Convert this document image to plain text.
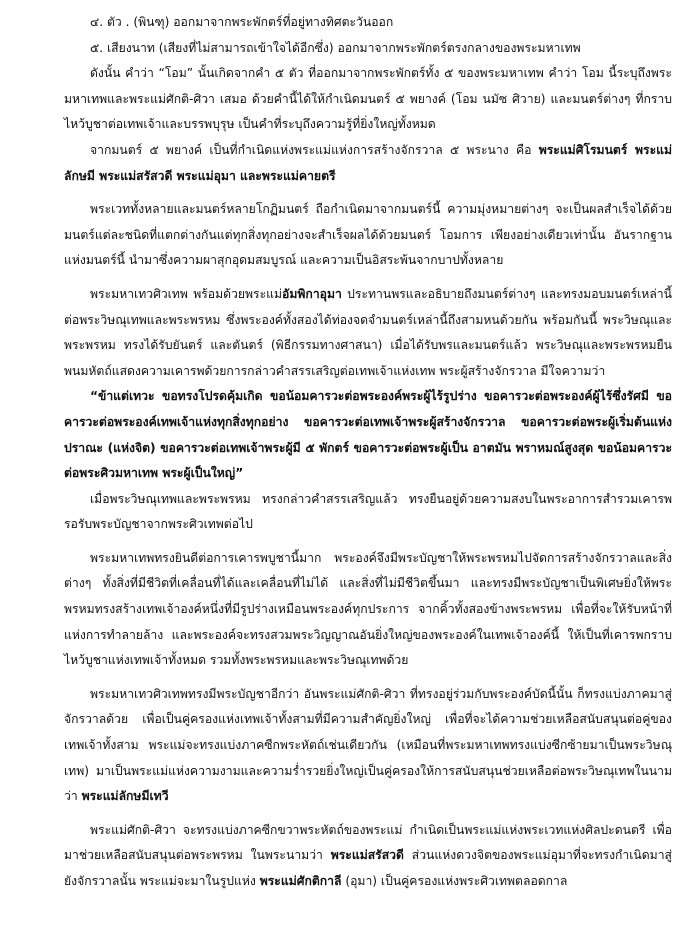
๔. ตัว . (พินฑุ) ออกมาจากพระพักตร์ที่อยู่ทางทิศตะวันออก

๕. เสียงนาท (เสียงที่ไม่สามารถเข้าใจได้อีกซึ่ง) ออกมาจากพระพักตร์ตรงกลางของพระมหาเทพ

ดังนั้น คำว่า “โอม” นั้นเกิดจากคำ ๕ ตัว ที่ออกมาจากพระพักตร์ทั้ง ๕ ของพระมหาเทพ คำว่า โอม นี้ระบุถึงพระมหาเทพและพระแม่ศักติ-ศิวา เสมอ ด้วยคำนี้ได้ให้กำเนิดมนตร์ ๕ พยางค์ (โอม นมัซ ศิวาย) และมนตร์ต่างๆ ที่กราบไหว้บูชาต่อเทพเจ้าและบรรพบุรุษ เป็นคำที่ระบุถึงความรู้ที่ยิ่งใหญ่ทั้งหมด

จากมนตร์ ๕ พยางค์ เป็นที่กำเนิดแห่งพระแม่แห่งการสร้างจักรวาล ๕ พระนาง คือ พระแม่ศิโรมนตร์ พระแม่ลักษมี พระแม่สรัสวดี พระแม่อุมา และพระแม่คายตรี

พระเวททั้งหลายและมนตร์หลายโกฏิมนตร์ ถือกำเนิดมาจากมนตร์นี้ ความมุ่งหมายต่างๆ จะเป็นผลสำเร็จได้ด้วยมนตร์แต่ละชนิดที่แตกต่างกันแต่ทุกสิ่งทุกอย่างจะสำเร็จผลได้ด้วยมนตร์ โอมการ เพียงอย่างเดียวเท่านั้น อันรากฐานแห่งมนตร์นี้ นำมาซึ่งความผาสุกอุดมสมบูรณ์ และความเป็นอิสระพ้นจากบาปทั้งหลาย

พระมหาเทวศิวเทพ พร้อมด้วยพระแม่อัมพิกาอุมา ประทานพรและอธิบายถึงมนตร์ต่างๆ และทรงมอบมนตร์เหล่านี้ต่อพระวิษณุเทพและพระพรหม ซึ่งพระองค์ทั้งสองได้ท่องจดจำมนตร์เหล่านี้ถึงสามหนด้วยกัน พร้อมกันนี้ พระวิษณุและพระพรหม ทรงได้รับยันตร์ และตันตร์ (พิธีกรรมทางศาสนา) เมื่อได้รับพรและมนตร์แล้ว พระวิษณุและพระพรหมยืนพนมหัตถ์แสดงความเคารพด้วยการกล่าวคำสรรเสริญต่อเทพเจ้าแห่งเทพ พระผู้สร้างจักรวาล มีใจความว่า

“ข้าแต่เทวะ ขอทรงโปรดคุ้มเกิด ขอน้อมคารวะต่อพระองค์พระผู้ไร้รูปร่าง ขอคารวะต่อพระองค์ผู้ไร้ซึ่งรัศมี ขอคารวะต่อพระองค์เทพเจ้าแห่งทุกสิ่งทุกอย่าง ขอคารวะต่อเทพเจ้าพระผู้สร้างจักรวาล ขอคารวะต่อพระผู้เริ่มต้นแห่ง ปราณะ (แห่งจิต) ขอคารวะต่อเทพเจ้าพระผู้มี ๕ พักตร์ ขอคารวะต่อพระผู้เป็น อาตมัน พราหมณ์สูงสุด ขอน้อมคารวะต่อพระศิวมหาเทพ พระผู้เป็นใหญ่”

เมื่อพระวิษณุเทพและพระพรหม ทรงกล่าวคำสรรเสริญแล้ว ทรงยืนอยู่ด้วยความสงบในพระอาการสำรวมเคารพ รอรับพระบัญชาจากพระศิวเทพต่อไป

พระมหาเทพทรงยินดีต่อการเคารพบูชานี้มาก พระองค์จึงมีพระบัญชาให้พระพรหมไปจัดการสร้างจักรวาลและสิ่งต่างๆ ทั้งสิ่งที่มีชีวิตที่เคลื่อนที่ได้และเคลื่อนที่ไม่ได้ และสิ่งที่ไม่มีชีวิตขึ้นมา และทรงมีพระบัญชาเป็นพิเศษยิ่งให้พระพรหมทรงสร้างเทพเจ้าองค์หนึ่งที่มีรูปร่างเหมือนพระองค์ทุกประการ จากคิ้วทั้งสองข้างพระพรหม เพื่อที่จะให้รับหน้าที่แห่งการทำลายล้าง และพระองค์จะทรงสวมพระวิญญาณอันยิ่งใหญ่ของพระองค์ในเทพเจ้าองค์นี้ ให้เป็นที่เคารพกราบไหว้บูชาแห่งเทพเจ้าทั้งหมด รวมทั้งพระพรหมและพระวิษณุเทพด้วย

พระมหาเทวศิวเทพทรงมีพระบัญชาอีกว่า อันพระแม่ศักติ-ศิวา ที่ทรงอยู่ร่วมกับพระองค์บัดนี้นั้น ก็ทรงแบ่งภาคมาสู่จักรวาลด้วย เพื่อเป็นคู่ครองแห่งเทพเจ้าทั้งสามที่มีความสำคัญยิ่งใหญ่ เพื่อที่จะได้ความช่วยเหลือสนับสนุนต่อคู่ของเทพเจ้าทั้งสาม พระแม่จะทรงแบ่งภาคซีกพระหัตถ์เช่นเดียวกัน (เหมือนที่พระมหาเทพทรงแบ่งซีกซ้ายมาเป็นพระวิษณุเทพ) มาเป็นพระแม่แห่งความงามและความร่ำรวยยิ่งใหญ่เป็นคู่ครองให้การสนับสนุนช่วยเหลือต่อพระวิษณุเทพในนามว่า พระแม่ลักษมีเทวี

พระแม่ศักติ-ศิวา จะทรงแบ่งภาคซีกขวาพระหัตถ์ของพระแม่ กำเนิดเป็นพระแม่แห่งพระเวทแห่งศิลปะดนตรี เพื่อมาช่วยเหลือสนับสนุนต่อพระพรหม ในพระนามว่า พระแม่สรัสวดี ส่วนแห่งดวงจิตของพระแม่อุมาที่จะทรงกำเนิดมาสู่ยังจักรวาลนั้น พระแม่จะมาในรูปแห่ง พระแม่ศักติกาลี (อุมา) เป็นคู่ครองแห่งพระศิวเทพตลอดกาล
